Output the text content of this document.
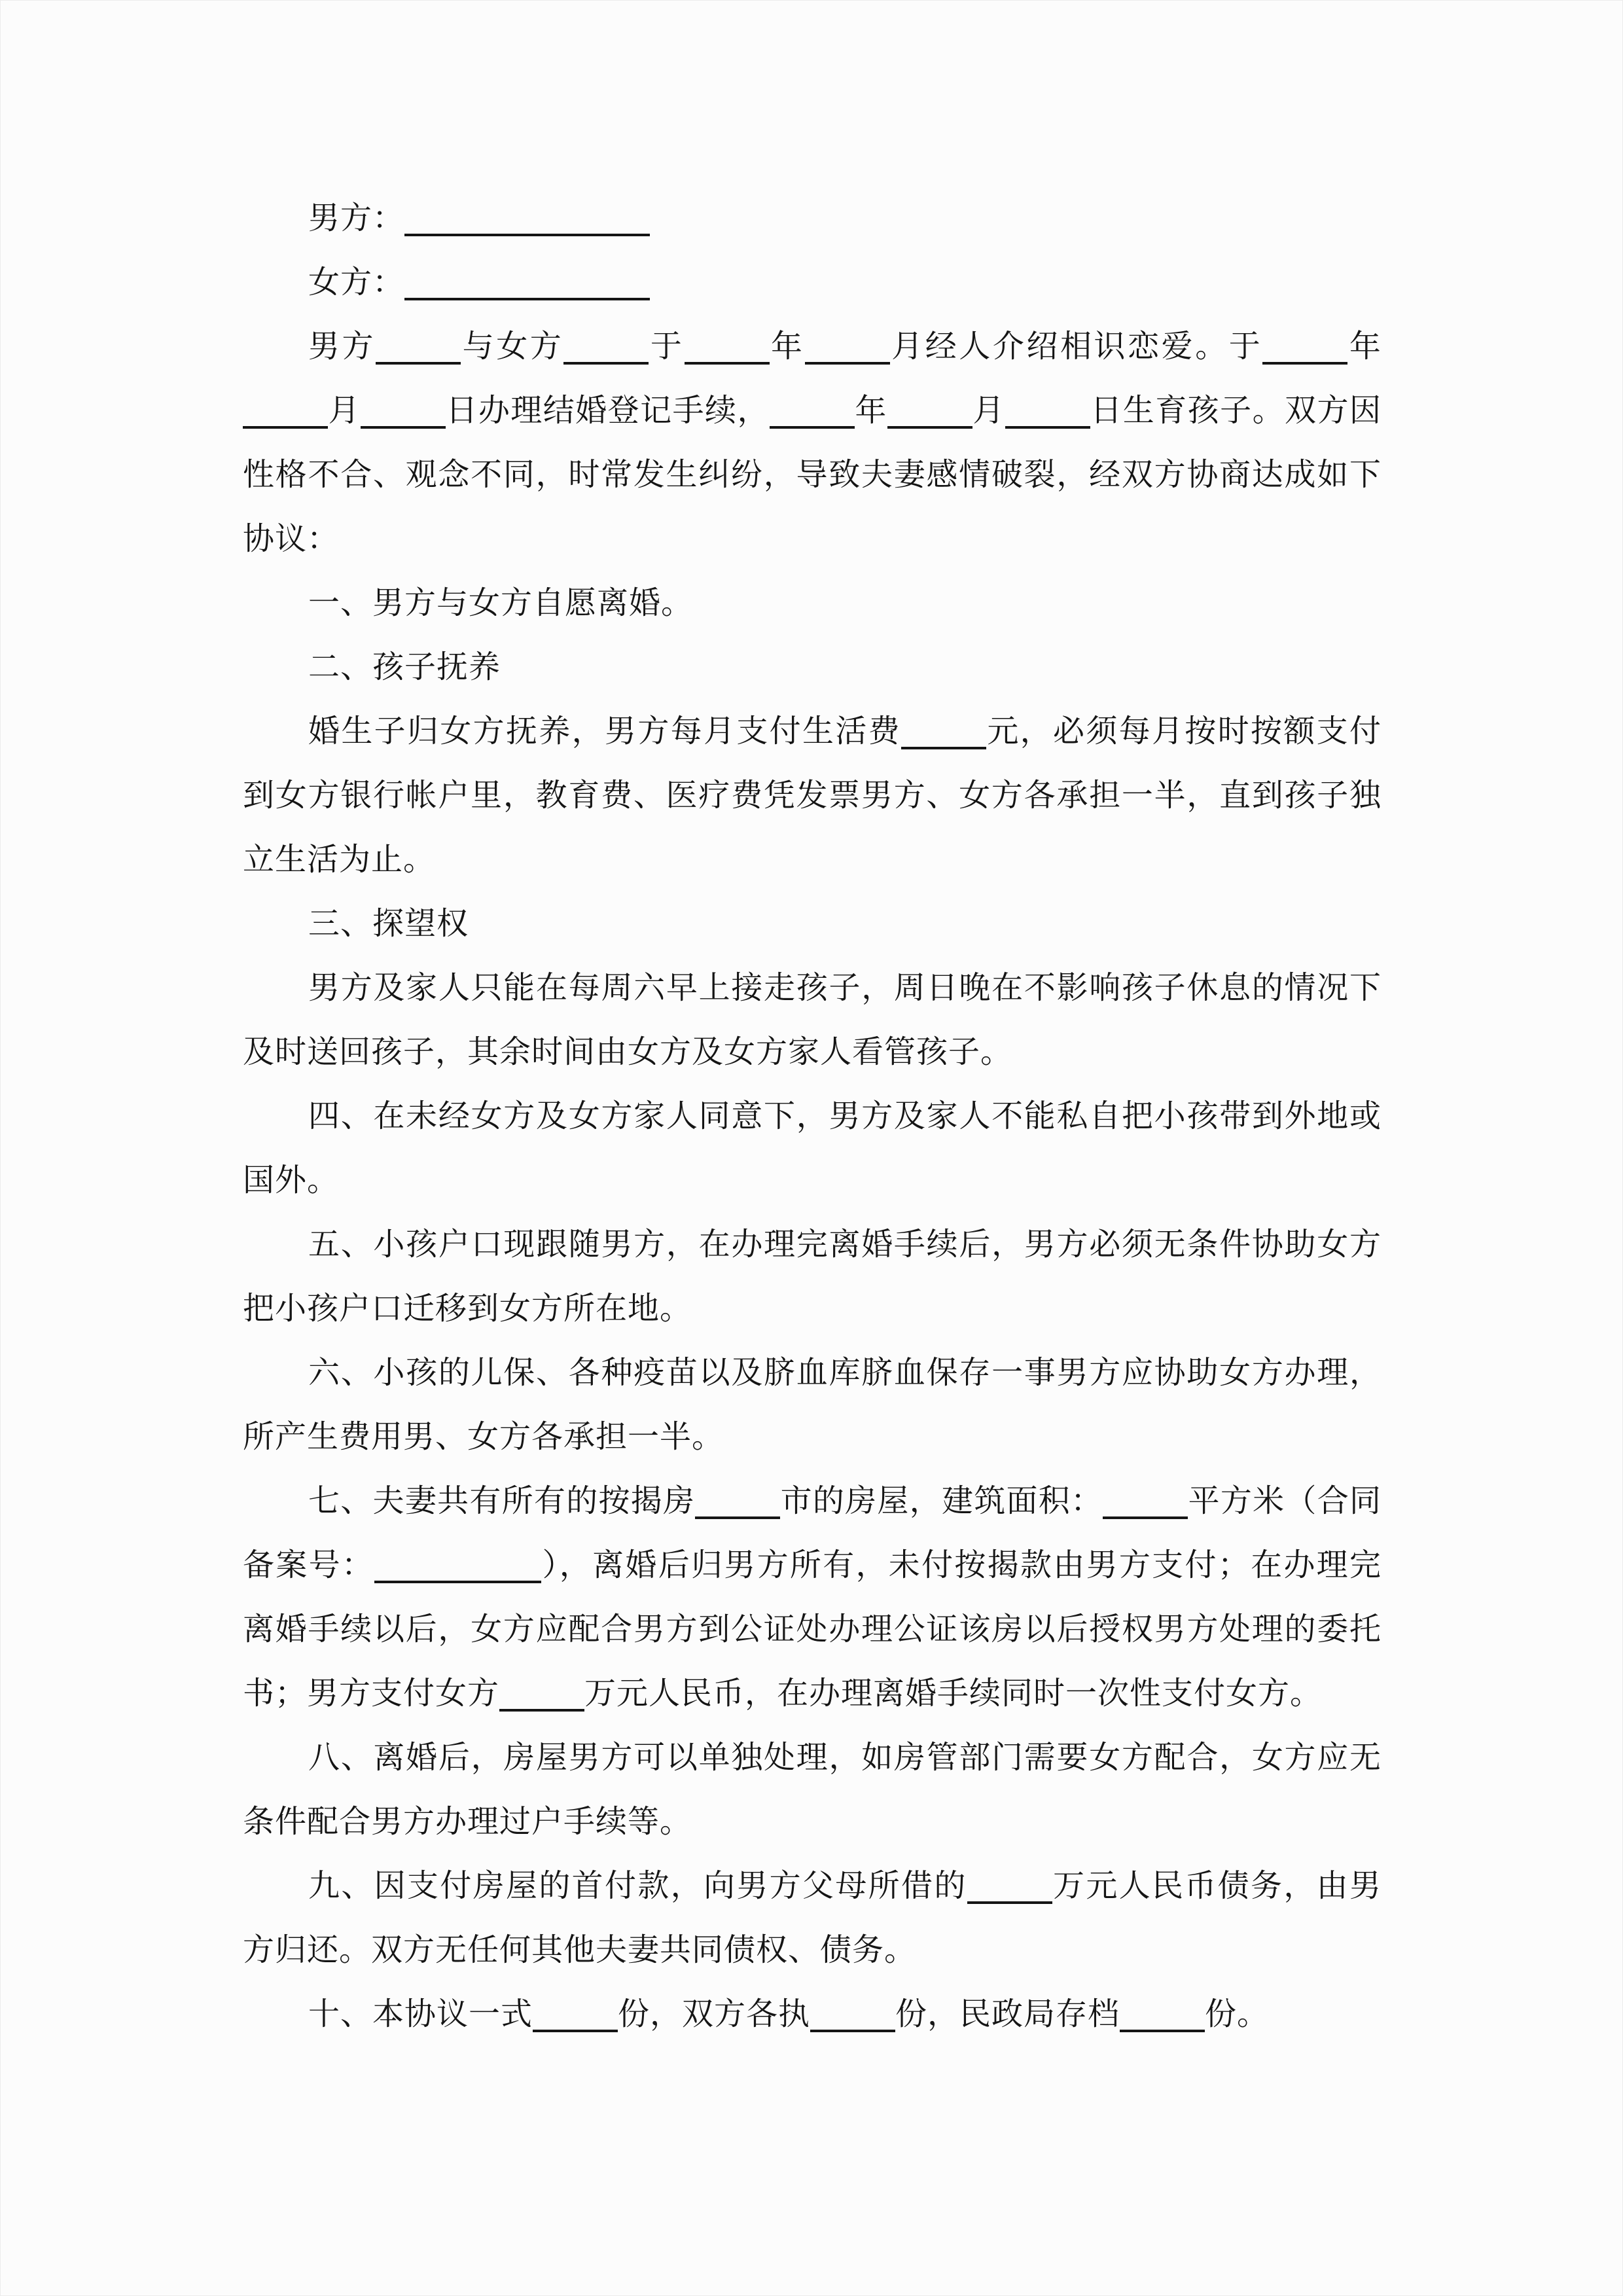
男方：
女方：
男方	与女方	于	年	月经人介绍相识恋爱。于	年
月	日办理结婚登记手续，	年	月	日生育孩子。双方因
性格不合、观念不同，时常发生纠纷，导致夫妻感情破裂，经双方协商达成如下
协议：
一、男方与女方自愿离婚。
二、孩子抚养
婚生子归女方抚养，男方每月支付生活费	元，必须每月按时按额支付
到女方银行帐户里，教育费、医疗费凭发票男方、女方各承担一半，直到孩子独
立生活为止。
三、探望权
男方及家人只能在每周六早上接走孩子，周日晚在不影响孩子休息的情况下
及时送回孩子，其余时间由女方及女方家人看管孩子。
四、在未经女方及女方家人同意下，男方及家人不能私自把小孩带到外地或
国外。
五、小孩户口现跟随男方，在办理完离婚手续后，男方必须无条件协助女方
把小孩户口迁移到女方所在地。
六、小孩的儿保、各种疫苗以及脐血库脐血保存一事男方应协助女方办理，
所产生费用男、女方各承担一半。
七、夫妻共有所有的按揭房	市的房屋，建筑面积：	平方米（合同
备案号：	），离婚后归男方所有，未付按揭款由男方支付；在办理完
离婚手续以后，女方应配合男方到公证处办理公证该房以后授权男方处理的委托
书；男方支付女方	万元人民币，在办理离婚手续同时一次性支付女方。
八、离婚后，房屋男方可以单独处理，如房管部门需要女方配合，女方应无
条件配合男方办理过户手续等。
九、因支付房屋的首付款，向男方父母所借的	万元人民币债务，由男
方归还。双方无任何其他夫妻共同债权、债务。
十、本协议一式	份，双方各执	份，民政局存档	份。
